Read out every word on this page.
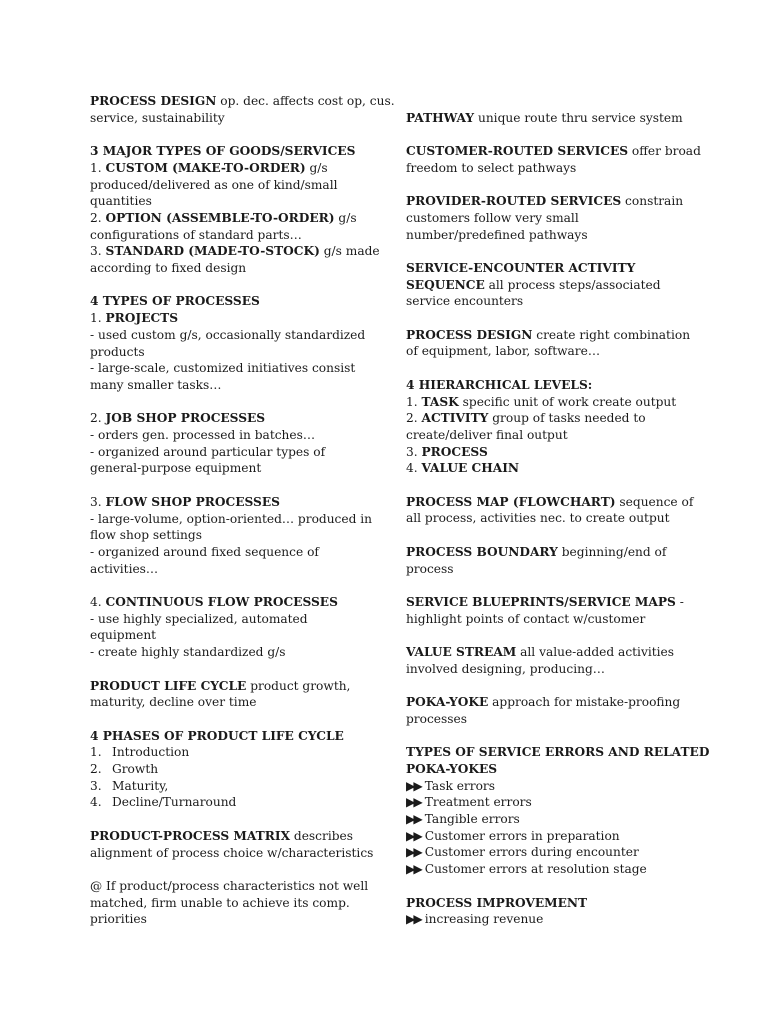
PROCESS DESIGN op. dec. affects cost op, cus.
service, sustainability
3 MAJOR TYPES OF GOODS/SERVICES
1. CUSTOM (MAKE-TO-ORDER) g/s
produced/delivered as one of kind/small
quantities
2. OPTION (ASSEMBLE-TO-ORDER) g/s
configurations of standard parts…
3. STANDARD (MADE-TO-STOCK) g/s made
according to fixed design
4 TYPES OF PROCESSES
1. PROJECTS
- used custom g/s, occasionally standardized
products
- large-scale, customized initiatives consist
many smaller tasks…
2. JOB SHOP PROCESSES
- orders gen. processed in batches…
- organized around particular types of
general-purpose equipment
3. FLOW SHOP PROCESSES
- large-volume, option-oriented… produced in
flow shop settings
- organized around fixed sequence of
activities…
4. CONTINUOUS FLOW PROCESSES
- use highly specialized, automated
equipment
- create highly standardized g/s
PRODUCT LIFE CYCLE product growth,
maturity, decline over time
4 PHASES OF PRODUCT LIFE CYCLE
1. Introduction
2. Growth
3. Maturity,
4. Decline/Turnaround
PRODUCT-PROCESS MATRIX describes
alignment of process choice w/characteristics
@ If product/process characteristics not well
matched, firm unable to achieve its comp.
priorities
PATHWAY unique route thru service system
CUSTOMER-ROUTED SERVICES offer broad
freedom to select pathways
PROVIDER-ROUTED SERVICES constrain
customers follow very small
number/predefined pathways
SERVICE-ENCOUNTER ACTIVITY
SEQUENCE all process steps/associated
service encounters
PROCESS DESIGN create right combination
of equipment, labor, software…
4 HIERARCHICAL LEVELS:
1. TASK specific unit of work create output
2. ACTIVITY group of tasks needed to
create/deliver final output
3. PROCESS
4. VALUE CHAIN
PROCESS MAP (FLOWCHART) sequence of
all process, activities nec. to create output
PROCESS BOUNDARY beginning/end of
process
SERVICE BLUEPRINTS/SERVICE MAPS -
highlight points of contact w/customer
VALUE STREAM all value-added activities
involved designing, producing…
POKA-YOKE approach for mistake-proofing
processes
TYPES OF SERVICE ERRORS AND RELATED
POKA-YOKES
▶▶ Task errors
▶▶ Treatment errors
▶▶ Tangible errors
▶▶ Customer errors in preparation
▶▶ Customer errors during encounter
▶▶ Customer errors at resolution stage
PROCESS IMPROVEMENT
▶▶ increasing revenue
